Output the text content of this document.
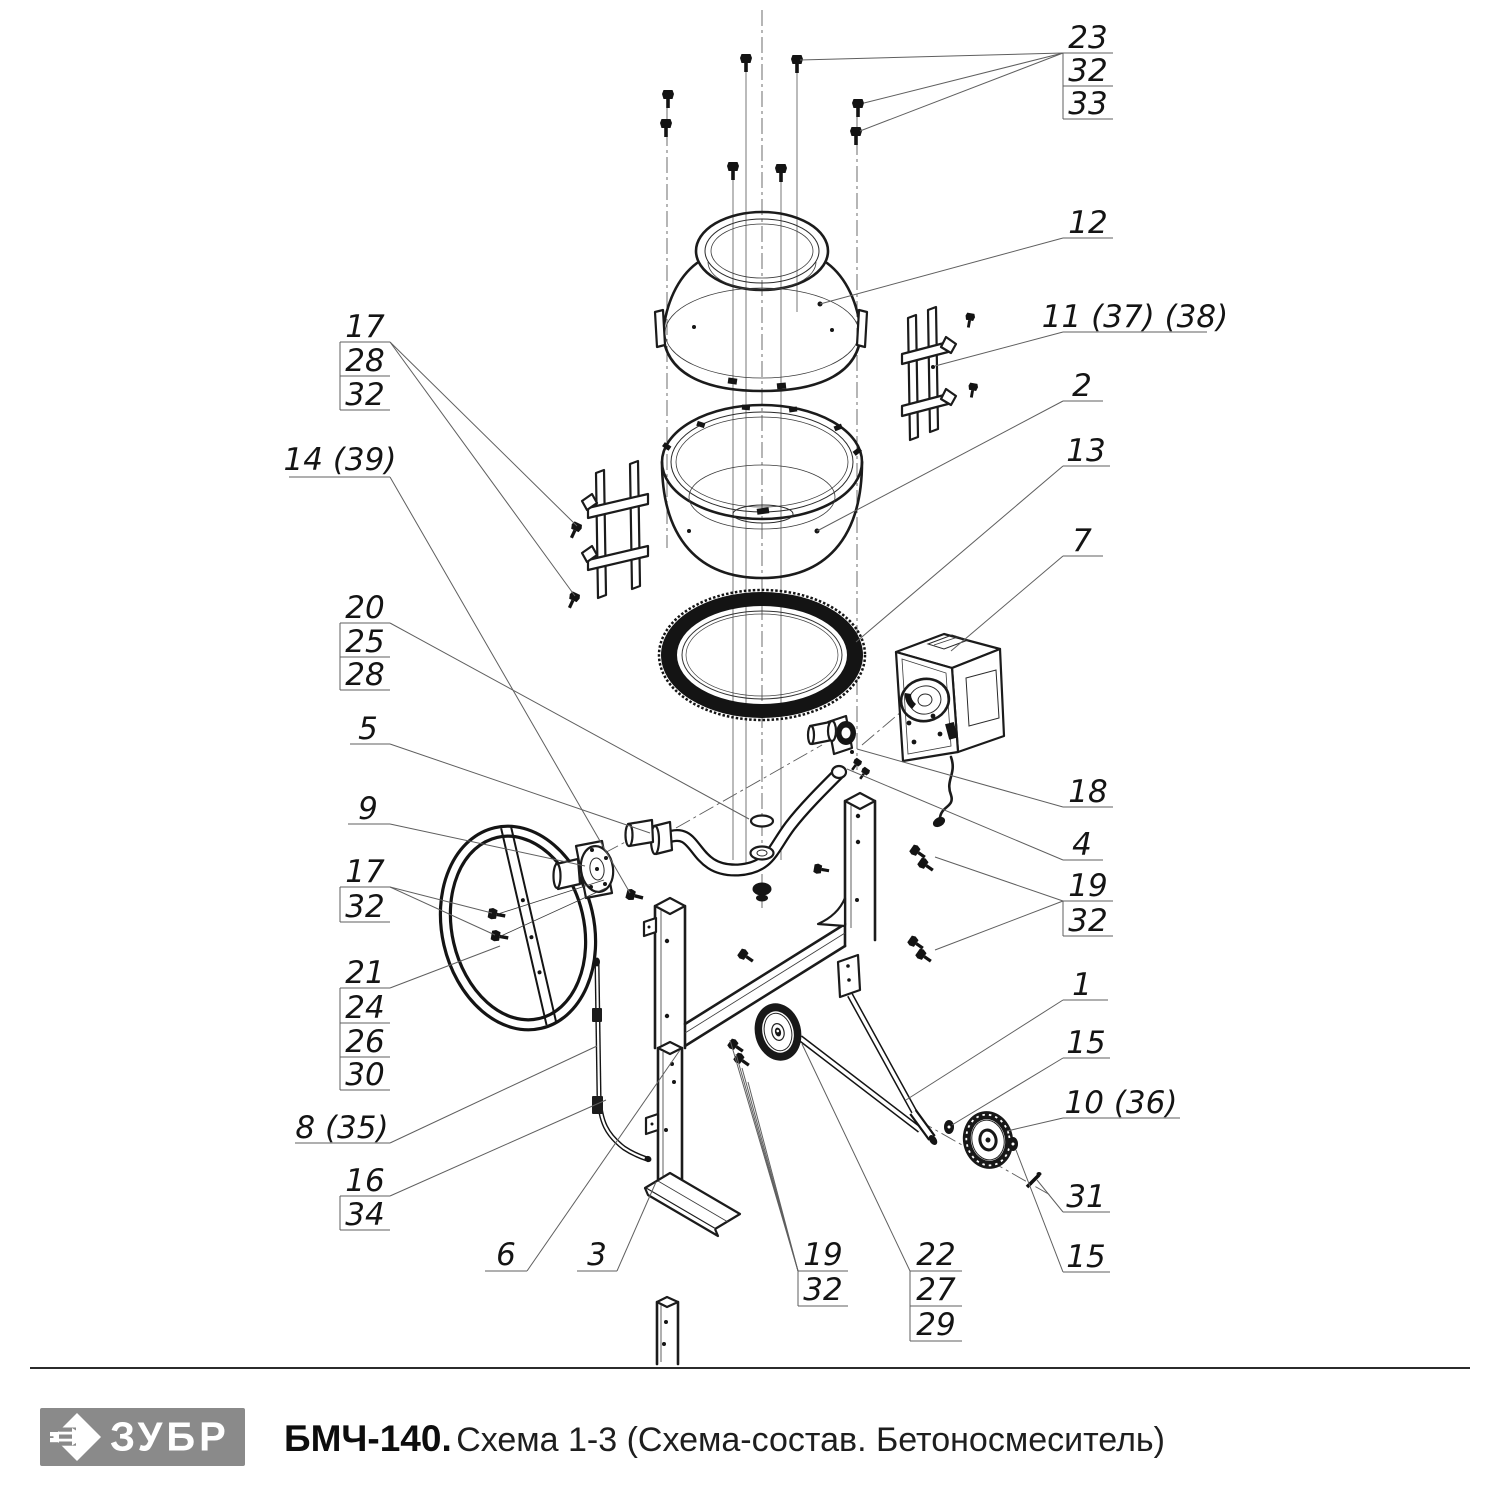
23
32
33
12
11 (37) (38)
2
13
7
18
4
19
32
1
15
10 (36)
31
15
17
28
32
14 (39)
20
25
28
5
9
17
32
21
24
26
30
8 (35)
16
34
6 3	19
32
22
27
29
ЗУБР БМЧ-140. Схема 1-3 (Схема-состав. Бетоносмеситель)
